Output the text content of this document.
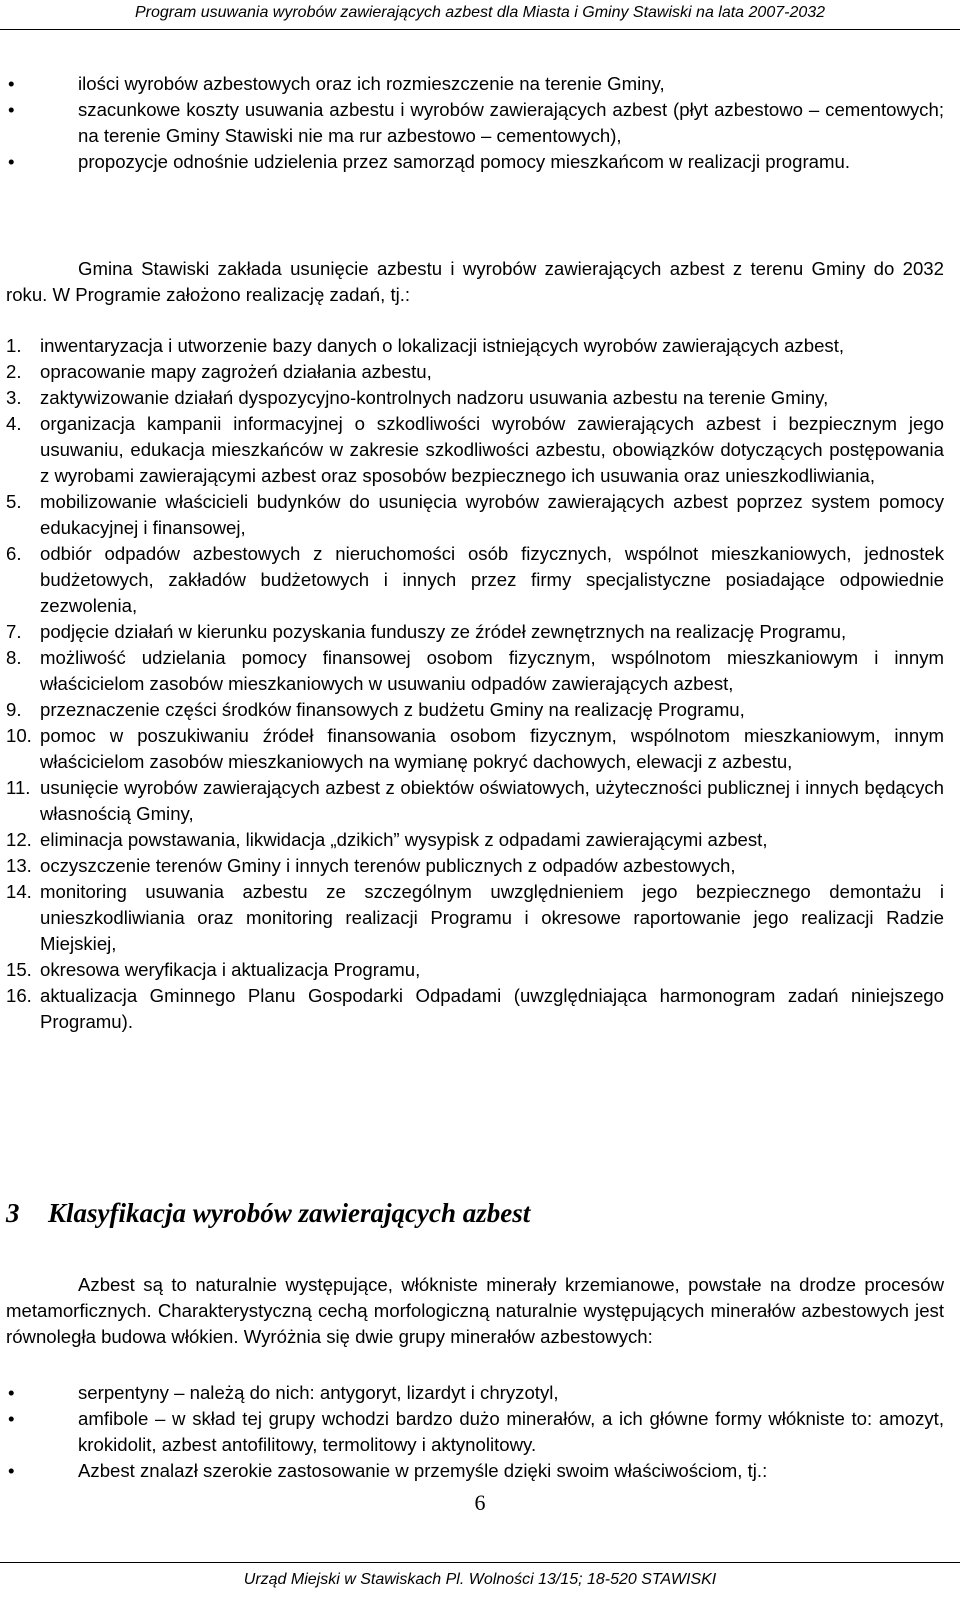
Program usuwania wyrobów zawierających azbest dla Miasta i Gminy Stawiski na lata 2007-2032
•	ilości wyrobów azbestowych oraz ich rozmieszczenie na terenie Gminy,
•	szacunkowe koszty usuwania azbestu i wyrobów zawierających azbest (płyt azbestowo – cementowych; na terenie Gminy Stawiski nie ma rur azbestowo – cementowych),
•	propozycje odnośnie udzielenia przez samorząd pomocy mieszkańcom w realizacji programu.

Gmina Stawiski zakłada usunięcie azbestu i wyrobów zawierających azbest z terenu Gminy do 2032 roku. W Programie założono realizację zadań, tj.:

1. inwentaryzacja i utworzenie bazy danych o lokalizacji istniejących wyrobów zawierających azbest,
2. opracowanie mapy zagrożeń działania azbestu,
3. zaktywizowanie działań dyspozycyjno-kontrolnych nadzoru usuwania azbestu na terenie Gminy,
4. organizacja kampanii informacyjnej o szkodliwości wyrobów zawierających azbest i bezpiecznym jego usuwaniu, edukacja mieszkańców w zakresie szkodliwości azbestu, obowiązków dotyczących postępowania z wyrobami zawierającymi azbest oraz sposobów bezpiecznego ich usuwania oraz unieszkodliwiania,
5. mobilizowanie właścicieli budynków do usunięcia wyrobów zawierających azbest poprzez system pomocy edukacyjnej i finansowej,
6. odbiór odpadów azbestowych z nieruchomości osób fizycznych, wspólnot mieszkaniowych, jednostek budżetowych, zakładów budżetowych i innych przez firmy specjalistyczne posiadające odpowiednie zezwolenia,
7. podjęcie działań w kierunku pozyskania funduszy ze źródeł zewnętrznych na realizację Programu,
8. możliwość udzielania pomocy finansowej osobom fizycznym, wspólnotom mieszkaniowym i innym właścicielom zasobów mieszkaniowych w usuwaniu odpadów zawierających azbest,
9. przeznaczenie części środków finansowych z budżetu Gminy na realizację Programu,
10. pomoc w poszukiwaniu źródeł finansowania osobom fizycznym, wspólnotom mieszkaniowym, innym właścicielom zasobów mieszkaniowych na wymianę pokryć dachowych, elewacji z azbestu,
11. usunięcie wyrobów zawierających azbest z obiektów oświatowych, użyteczności publicznej i innych będących własnością Gminy,
12. eliminacja powstawania, likwidacja „dzikich” wysypisk z odpadami zawierającymi azbest,
13. oczyszczenie terenów Gminy i innych terenów publicznych z odpadów azbestowych,
14. monitoring usuwania azbestu ze szczególnym uwzględnieniem jego bezpiecznego demontażu i unieszkodliwiania oraz monitoring realizacji Programu i okresowe raportowanie jego realizacji Radzie Miejskiej,
15. okresowa weryfikacja i aktualizacja Programu,
16. aktualizacja Gminnego Planu Gospodarki Odpadami (uwzględniająca harmonogram zadań niniejszego Programu).
3 Klasyfikacja wyrobów zawierających azbest

Azbest są to naturalnie występujące, włókniste minerały krzemianowe, powstałe na drodze procesów metamorficznych. Charakterystyczną cechą morfologiczną naturalnie występujących minerałów azbestowych jest równoległa budowa włókien. Wyróżnia się dwie grupy minerałów azbestowych:

•	serpentyny – należą do nich: antygoryt, lizardyt i chryzotyl,
•	amfibole – w skład tej grupy wchodzi bardzo dużo minerałów, a ich główne formy włókniste to: amozyt, krokidolit, azbest antofilitowy, termolitowy i aktynolitowy.
•	Azbest znalazł szerokie zastosowanie w przemyśle dzięki swoim właściwościom, tj.:
6
Urząd Miejski w Stawiskach Pl. Wolności 13/15; 18-520 STAWISKI
